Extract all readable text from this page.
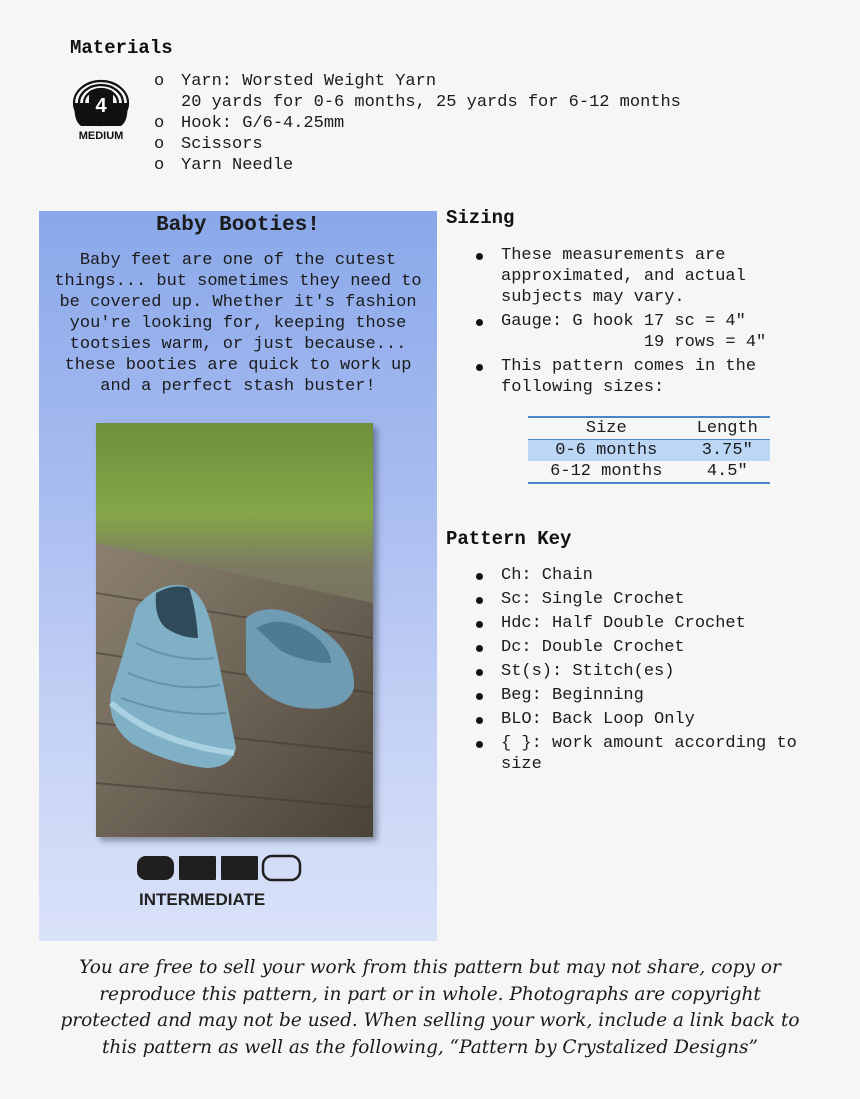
Materials
4
MEDIUM
o Yarn: Worsted Weight Yarn
20 yards for 0-6 months, 25 yards for 6-12 months
o Hook: G/6-4.25mm
o Scissors
o Yarn Needle
Baby Booties!

Baby feet are one of the cutest things... but sometimes they need to be covered up. Whether it's fashion you're looking for, keeping those tootsies warm, or just because... these booties are quick to work up and a perfect stash buster!

INTERMEDIATE
Sizing
These measurements are
approximated, and actual
subjects may vary.
Gauge: G hook 17 sc = 4"
19 rows = 4"
This pattern comes in the
following sizes:
Size	Length
0-6 months	3.75"
6-12 months	4.5"
Pattern Key
Ch: Chain
Sc: Single Crochet
Hdc: Half Double Crochet
Dc: Double Crochet
St(s): Stitch(es)
Beg: Beginning
BLO: Back Loop Only
{ }: work amount according to
size

You are free to sell your work from this pattern but may not share, copy or reproduce this pattern, in part or in whole. Photographs are copyright protected and may not be used. When selling your work, include a link back to this pattern as well as the following, “Pattern by Crystalized Designs”
